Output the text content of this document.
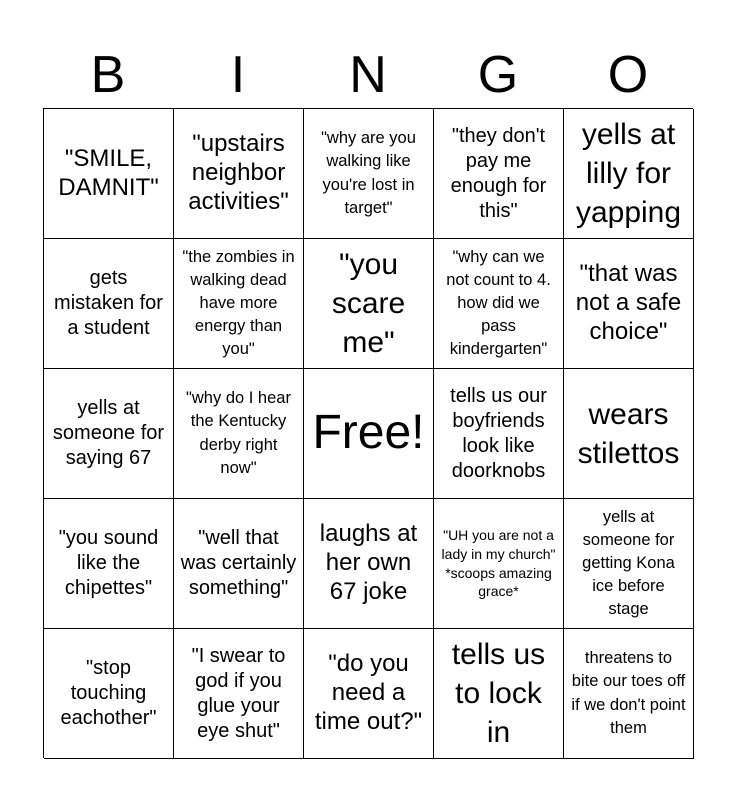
B	I	N	G	O
"SMILE, DAMNIT"
"upstairs neighbor activities"
"why are you walking like you're lost in target"
"they don't pay me enough for this"
yells at lilly for yapping
gets mistaken for a student
"the zombies in walking dead have more energy than you"
"you scare me"
"why can we not count to 4. how did we pass kindergarten"
"that was not a safe choice"
yells at someone for saying 67
"why do I hear the Kentucky derby right now"
Free!
tells us our boyfriends look like doorknobs
wears stilettos
"you sound like the chipettes"
"well that was certainly something"
laughs at her own 67 joke
"UH you are not a lady in my church" *scoops amazing grace*
yells at someone for getting Kona ice before stage
"stop touching eachother"
"I swear to god if you glue your eye shut"
"do you need a time out?"
tells us to lock in
threatens to bite our toes off if we don't point them
